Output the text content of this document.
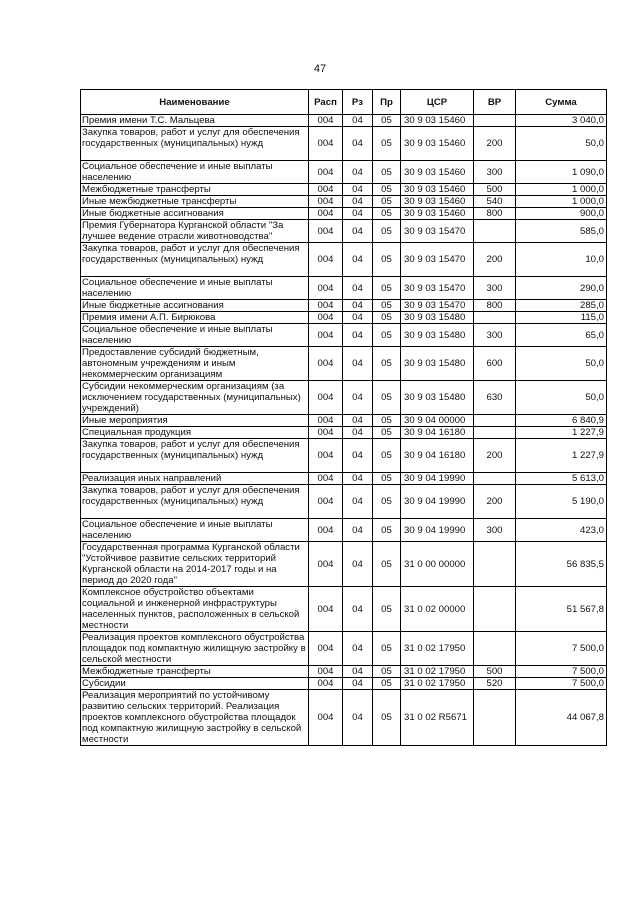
47
Наименование	Расп	Рз	Пр	ЦСР	ВР	Сумма
Премия имени Т.С. Мальцева	004	04	05	30 9 03 15460		3 040,0
Закупка товаров, работ и услуг для обеспечения государственных (муниципальных) нужд	004	04	05	30 9 03 15460	200	50,0
Социальное обеспечение и иные выплаты населению	004	04	05	30 9 03 15460	300	1 090,0
Межбюджетные трансферты	004	04	05	30 9 03 15460	500	1 000,0
Иные межбюджетные трансферты	004	04	05	30 9 03 15460	540	1 000,0
Иные бюджетные ассигнования	004	04	05	30 9 03 15460	800	900,0
Премия Губернатора Курганской области "За лучшее ведение отрасли животноводства"	004	04	05	30 9 03 15470		585,0
Закупка товаров, работ и услуг для обеспечения государственных (муниципальных) нужд	004	04	05	30 9 03 15470	200	10,0
Социальное обеспечение и иные выплаты населению	004	04	05	30 9 03 15470	300	290,0
Иные бюджетные ассигнования	004	04	05	30 9 03 15470	800	285,0
Премия имени А.П. Бирюкова	004	04	05	30 9 03 15480		115,0
Социальное обеспечение и иные выплаты населению	004	04	05	30 9 03 15480	300	65,0
Предоставление субсидий бюджетным, автономным учреждениям и иным некоммерческим организациям	004	04	05	30 9 03 15480	600	50,0
Субсидии некоммерческим организациям (за исключением государственных (муниципальных) учреждений)	004	04	05	30 9 03 15480	630	50,0
Иные мероприятия	004	04	05	30 9 04 00000		6 840,9
Специальная продукция	004	04	05	30 9 04 16180		1 227,9
Закупка товаров, работ и услуг для обеспечения государственных (муниципальных) нужд	004	04	05	30 9 04 16180	200	1 227,9
Реализация иных направлений	004	04	05	30 9 04 19990		5 613,0
Закупка товаров, работ и услуг для обеспечения государственных (муниципальных) нужд	004	04	05	30 9 04 19990	200	5 190,0
Социальное обеспечение и иные выплаты населению	004	04	05	30 9 04 19990	300	423,0
Государственная программа Курганской области "Устойчивое развитие сельских территорий Курганской области на 2014-2017 годы и на период до 2020 года"	004	04	05	31 0 00 00000		56 835,5
Комплексное обустройство объектами социальной и инженерной инфраструктуры населенных пунктов, расположенных в сельской местности	004	04	05	31 0 02 00000		51 567,8
Реализация проектов комплексного обустройства площадок под компактную жилищную застройку в сельской местности	004	04	05	31 0 02 17950		7 500,0
Межбюджетные трансферты	004	04	05	31 0 02 17950	500	7 500,0
Субсидии	004	04	05	31 0 02 17950	520	7 500,0
Реализация мероприятий по устойчивому развитию сельских территорий. Реализация проектов комплексного обустройства площадок под компактную жилищную застройку в сельской местности	004	04	05	31 0 02 R5671		44 067,8
